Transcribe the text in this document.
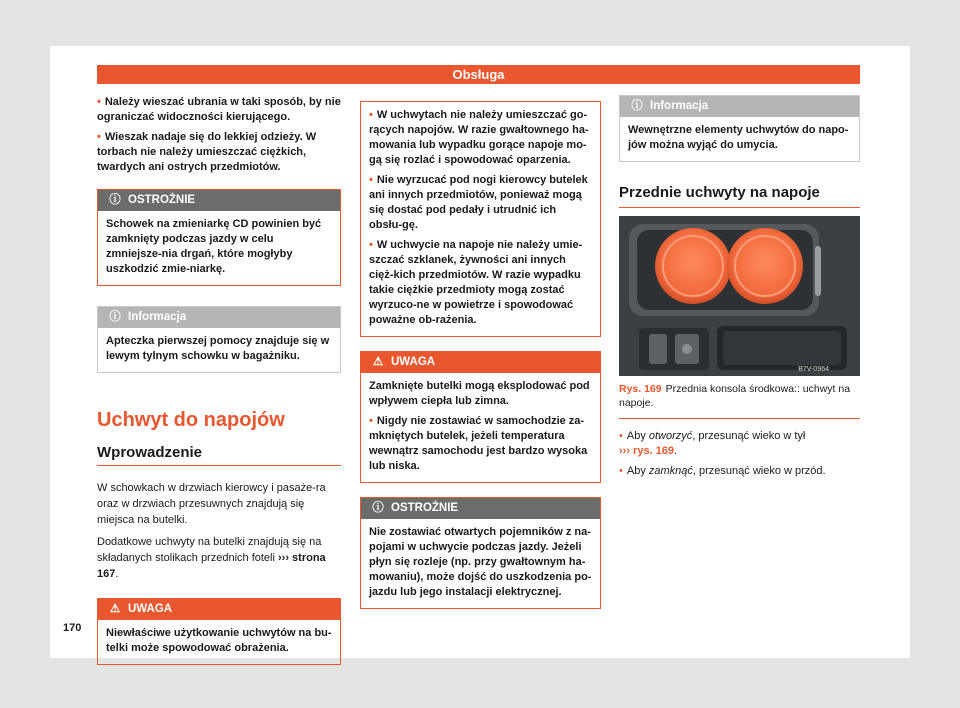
Obsługa

• Należy wieszać ubrania w taki sposób, by nie ograniczać widoczności kierującego.

• Wieszak nadaje się do lekkiej odzieży. W torbach nie należy umieszczać ciężkich, twardych ani ostrych przedmiotów.

ⓘ OSTROŻNIE
Schowek na zmieniarkę CD powinien być zamknięty podczas jazdy w celu zmniejsze-nia drgań, które mogłyby uszkodzić zmie-niarkę.
ⓘ Informacja
Apteczka pierwszej pomocy znajduje się w lewym tylnym schowku w bagażniku.
Uchwyt do napojów
Wprowadzenie

W schowkach w drzwiach kierowcy i pasaże-ra oraz w drzwiach przesuwnych znajdują się miejsca na butelki.

Dodatkowe uchwyty na butelki znajdują się na składanych stolikach przednich foteli ››› strona 167.

⚠ UWAGA
Niewłaściwe użytkowanie uchwytów na bu-telki może spowodować obrażenia.

• W uchwytach nie należy umieszczać go-rących napojów. W razie gwałtownego ha-mowania lub wypadku gorące napoje mo-gą się rozlać i spowodować oparzenia.

• Nie wyrzucać pod nogi kierowcy butelek ani innych przedmiotów, ponieważ mogą się dostać pod pedały i utrudnić ich obsłu-gę.

• W uchwycie na napoje nie należy umie-szczać szklanek, żywności ani innych cięż-kich przedmiotów. W razie wypadku takie ciężkie przedmioty mogą zostać wyrzuco-ne w powietrze i spowodować poważne ob-rażenia.

⚠ UWAGA

Zamknięte butelki mogą eksplodować pod wpływem ciepła lub zimna.

• Nigdy nie zostawiać w samochodzie za-mkniętych butelek, jeżeli temperatura wewnątrz samochodu jest bardzo wysoka lub niska.

ⓘ OSTROŻNIE
Nie zostawiać otwartych pojemników z na-pojami w uchwycie podczas jazdy. Jeżeli płyn się rozleje (np. przy gwałtownym ha-mowaniu), może dojść do uszkodzenia po-jazdu lub jego instalacji elektrycznej.
ⓘ Informacja
Wewnętrzne elementy uchwytów do napo-jów można wyjąć do umycia.
Przednie uchwyty na napoje
B7V-0964

Rys. 169 Przednia konsola środkowa:: uchwyt na napoje.

• Aby otworzyć, przesunąć wieko w tył
››› rys. 169.

• Aby zamknąć, przesunąć wieko w przód.

170
